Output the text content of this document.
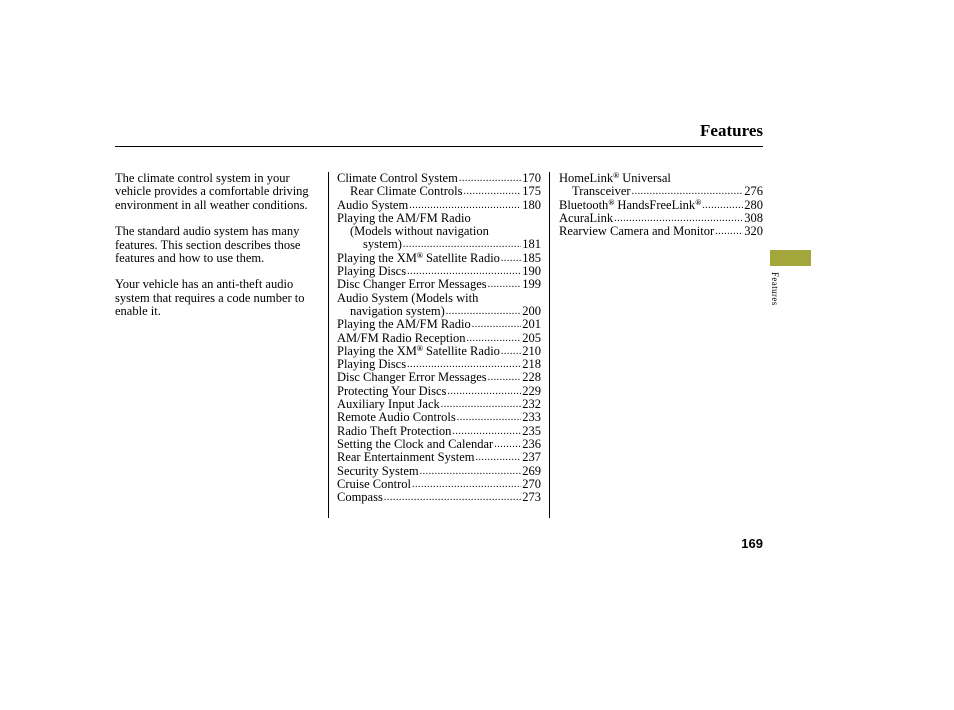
Features

The climate control system in your vehicle provides a comfortable driving environment in all weather conditions.

The standard audio system has many features. This section describes those features and how to use them.

Your vehicle has an anti-theft audio system that requires a code number to enable it.

Climate Control System .....	170
Rear Climate Controls .....	175
Audio System .....	180
Playing the AM/FM Radio
(Models without navigation
system) .....	181
Playing the XM® Satellite Radio ..... 185
Playing Discs .....	190
Disc Changer Error Messages .....	199
Audio System (Models with
navigation system) .....	200
Playing the AM/FM Radio .....	201
AM/FM Radio Reception .....	205
Playing the XM® Satellite Radio ..... 210
Playing Discs .....	218
Disc Changer Error Messages .....	228
Protecting Your Discs .....	229
Auxiliary Input Jack .....	232
Remote Audio Controls .....	233
Radio Theft Protection .....	235
Setting the Clock and Calendar ..... 236
Rear Entertainment System .....	237
Security System .....	269
Cruise Control .....	270
Compass .....	273
HomeLink® Universal
Transceiver .....	276
Bluetooth® HandsFreeLink® .....	280
AcuraLink .....	308
Rearview Camera and Monitor ..... 320
Features
169
